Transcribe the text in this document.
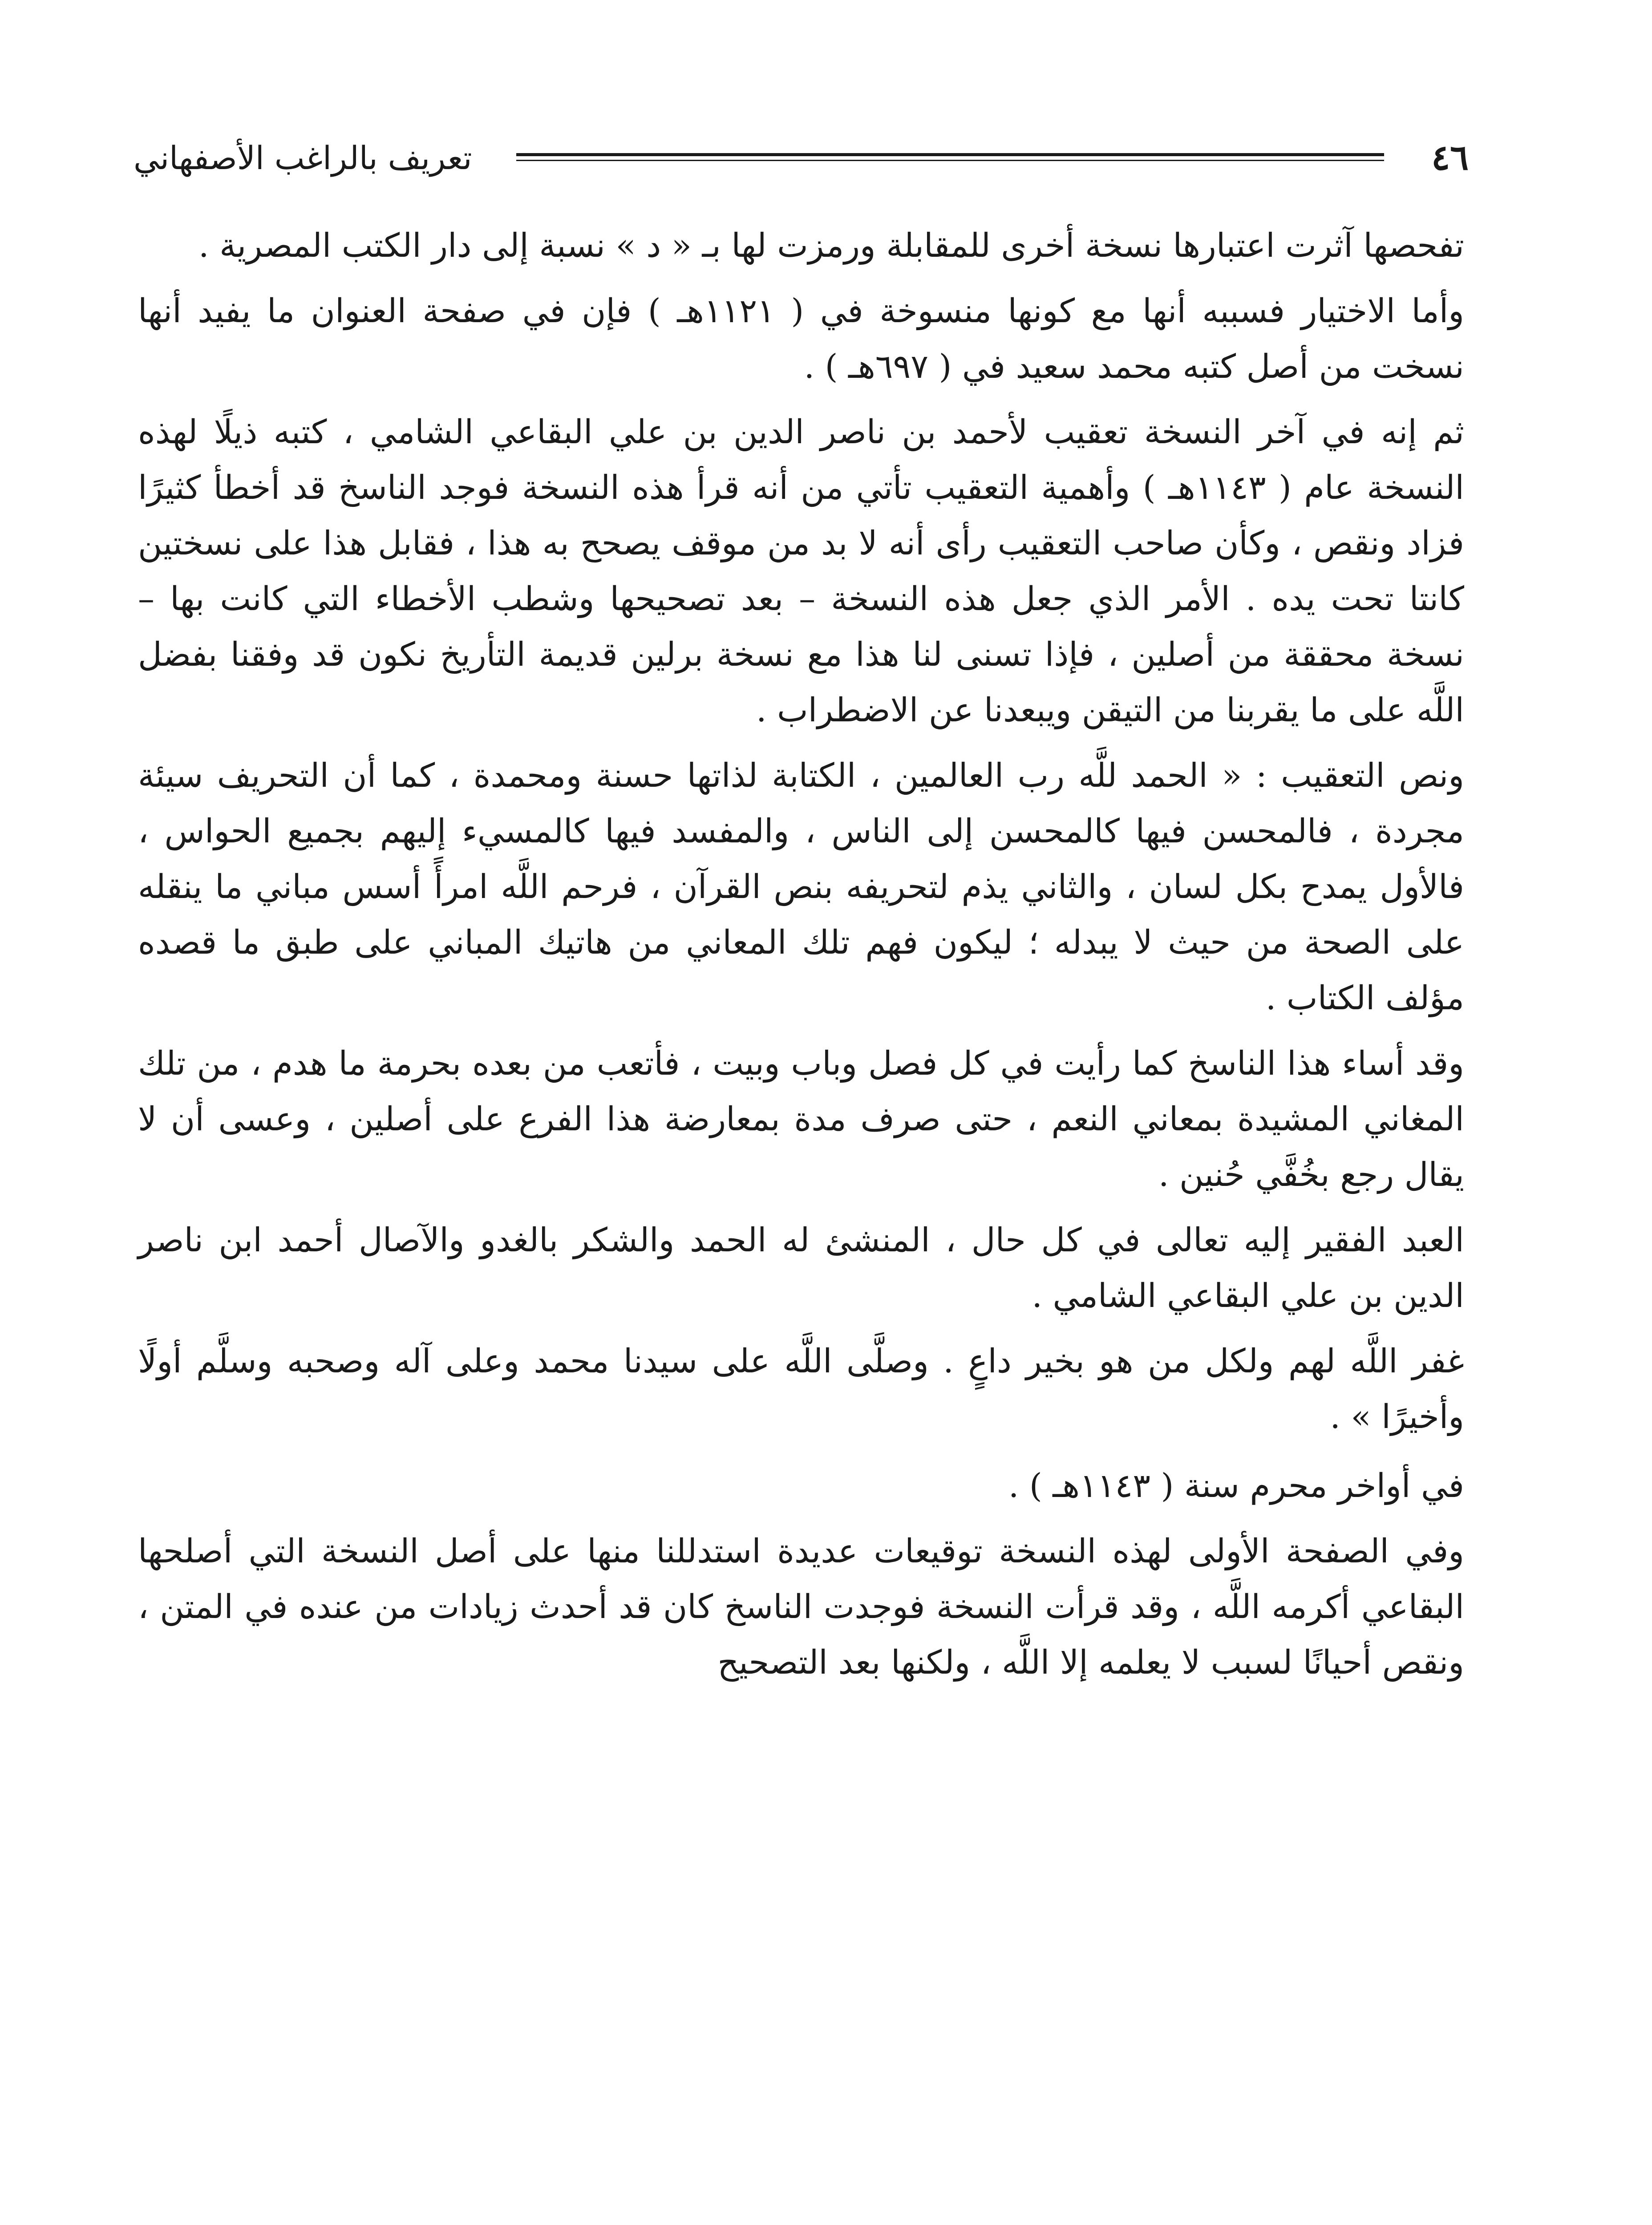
٤٦
تعريف بالراغب الأصفهاني

تفحصها آثرت اعتبارها نسخة أخرى للمقابلة ورمزت لها بـ « د » نسبة إلى دار الكتب المصرية .

وأما الاختيار فسببه أنها مع كونها منسوخة في ( ١١٢١هـ ) فإن في صفحة العنوان ما يفيد أنها نسخت من أصل كتبه محمد سعيد في ( ٦٩٧هـ ) .

ثم إنه في آخر النسخة تعقيب لأحمد بن ناصر الدين بن علي البقاعي الشامي ، كتبه ذيلًا لهذه النسخة عام ( ١١٤٣هـ ) وأهمية التعقيب تأتي من أنه قرأ هذه النسخة فوجد الناسخ قد أخطأ كثيرًا فزاد ونقص ، وكأن صاحب التعقيب رأى أنه لا بد من موقف يصحح به هذا ، فقابل هذا على نسختين كانتا تحت يده . الأمر الذي جعل هذه النسخة – بعد تصحيحها وشطب الأخطاء التي كانت بها – نسخة محققة من أصلين ، فإذا تسنى لنا هذا مع نسخة برلين قديمة التأريخ نكون قد وفقنا بفضل اللَّه على ما يقربنا من التيقن ويبعدنا عن الاضطراب .

ونص التعقيب : « الحمد للَّه رب العالمين ، الكتابة لذاتها حسنة ومحمدة ، كما أن التحريف سيئة مجردة ، فالمحسن فيها كالمحسن إلى الناس ، والمفسد فيها كالمسيء إليهم بجميع الحواس ، فالأول يمدح بكل لسان ، والثاني يذم لتحريفه بنص القرآن ، فرحم اللَّه امرأً أسس مباني ما ينقله على الصحة من حيث لا يبدله ؛ ليكون فهم تلك المعاني من هاتيك المباني على طبق ما قصده مؤلف الكتاب .

وقد أساء هذا الناسخ كما رأيت في كل فصل وباب وبيت ، فأتعب من بعده بحرمة ما هدم ، من تلك المغاني المشيدة بمعاني النعم ، حتى صرف مدة بمعارضة هذا الفرع على أصلين ، وعسى أن لا يقال رجع بخُفَّي حُنين .

العبد الفقير إليه تعالى في كل حال ، المنشئ له الحمد والشكر بالغدو والآصال أحمد ابن ناصر الدين بن علي البقاعي الشامي .

غفر اللَّه لهم ولكل من هو بخير داعٍ . وصلَّى اللَّه على سيدنا محمد وعلى آله وصحبه وسلَّم أولًا وأخيرًا » .

في أواخر محرم سنة ( ١١٤٣هـ ) .

وفي الصفحة الأولى لهذه النسخة توقيعات عديدة استدللنا منها على أصل النسخة التي أصلحها البقاعي أكرمه اللَّه ، وقد قرأت النسخة فوجدت الناسخ كان قد أحدث زيادات من عنده في المتن ، ونقص أحيانًا لسبب لا يعلمه إلا اللَّه ، ولكنها بعد التصحيح
